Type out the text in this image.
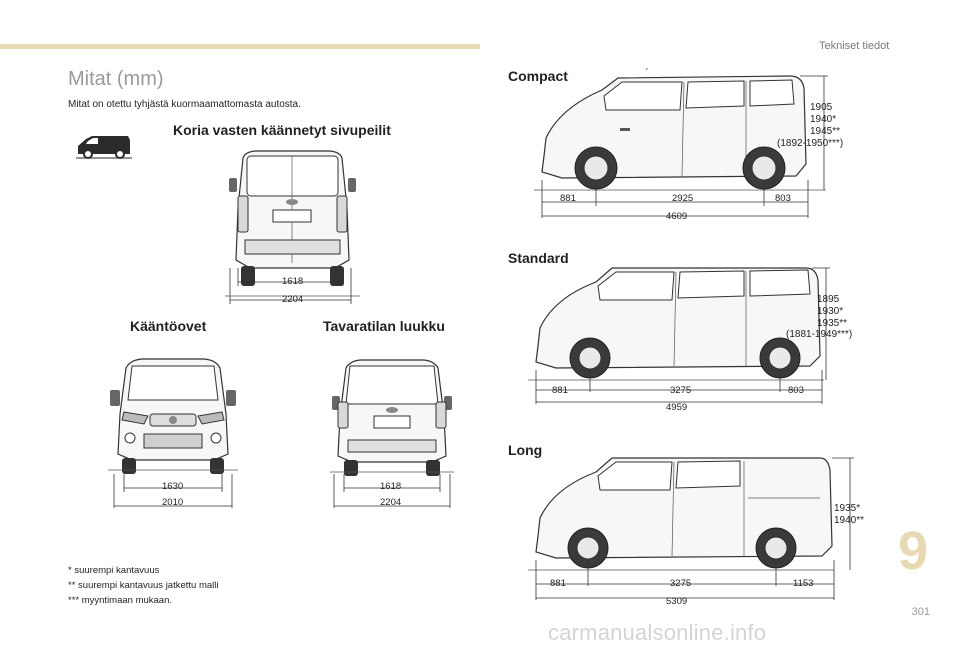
Tekniset tiedot
Mitat (mm)
Mitat on otettu tyhjästä kuormaamattomasta autosta.
Koria vasten käännetyt sivupeilit
Kääntöovet	Tavaratilan luukku
Compact
Standard
Long
1618
2204
1630
2010
1618
2204
* suurempi kantavuus
** suurempi kantavuus jatkettu malli
*** myyntimaan mukaan.
1905
1940*
1945**
(1892-1950***)
881	2925	803
4609
1895
1930*
1935**
(1881-1949***)
881	3275	803
4959
1935*
1940**
881	3275	1153
5309
9
301
carmanualsonline.info
